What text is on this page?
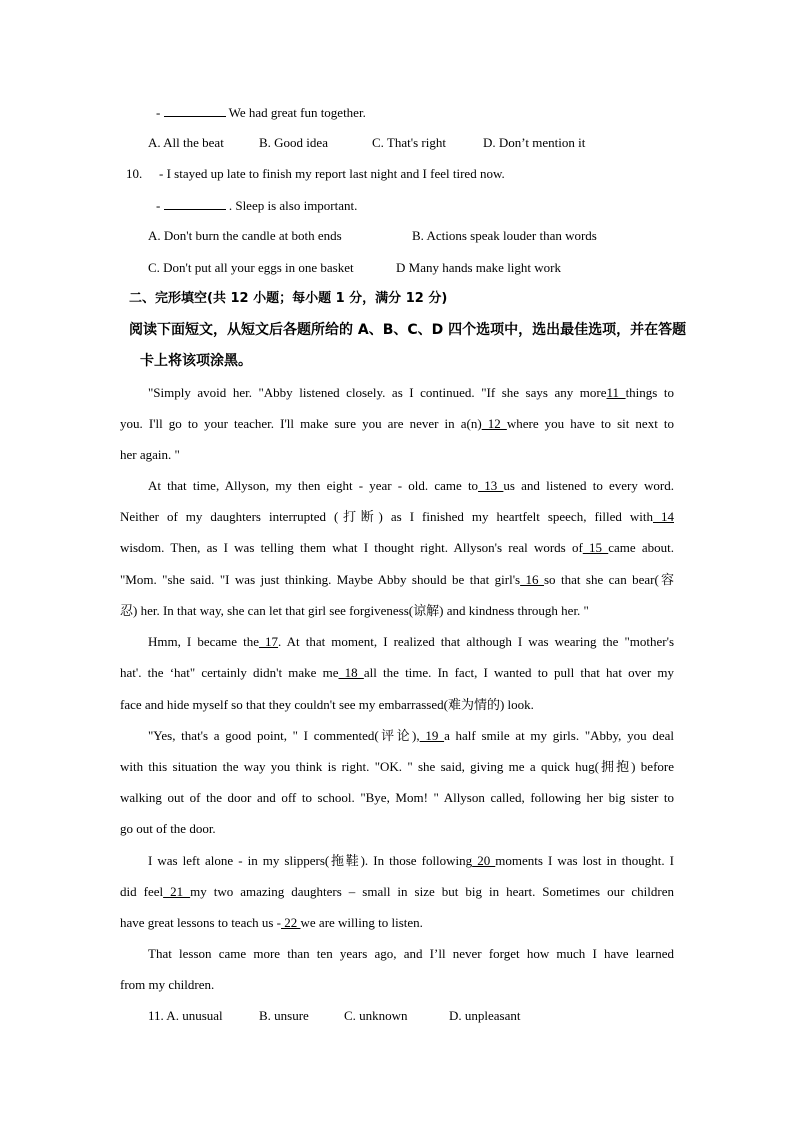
-	We had great fun together.
A. All the beat	B. Good idea	C. That's right	D. Don’t mention it
10. - I stayed up late to finish my report last night and I feel tired now.
-	. Sleep is also important.
A. Don't burn the candle at both ends	B. Actions speak louder than words
C. Don't put all your eggs in one basket	D Many hands make light work
二、完形填空(共 12 小题；每小题 1 分，满分 12 分)
阅读下面短文，从短文后各题所给的 A、B、C、D 四个选项中，选出最佳选项，并在答题
卡上将该项涂黑。
"Simply avoid her. "Abby listened closely. as I continued. "If she says any more11 things to
you. I'll go to your teacher. I'll make sure you are never in a(n) 12 where you have to sit next to
her again. "
At that time, Allyson, my then eight - year - old. came to 13 us and listened to every word.
Neither of my daughters interrupted (打断) as I finished my heartfelt speech, filled with 14
wisdom. Then, as I was telling them what I thought right. Allyson's real words of 15 came about.
"Mom. "she said. "I was just thinking. Maybe Abby should be that girl's 16 so that she can bear(容
忍) her. In that way, she can let that girl see forgiveness(谅解) and kindness through her. "
Hmm, I became the 17. At that moment, I realized that although I was wearing the "mother's
hat'. the ‘hat" certainly didn't make me 18 all the time. In fact, I wanted to pull that hat over my
face and hide myself so that they couldn't see my embarrassed(难为情的) look.
"Yes, that's a good point, " I commented(评论), 19 a half smile at my girls. "Abby, you deal
with this situation the way you think is right. "OK. " she said, giving me a quick hug(拥抱) before
walking out of the door and off to school. "Bye, Mom! " Allyson called, following her big sister to
go out of the door.
I was left alone - in my slippers(拖鞋). In those following 20 moments I was lost in thought. I
did feel 21 my two amazing daughters – small in size but big in heart. Sometimes our children
have great lessons to teach us - 22 we are willing to listen.
That lesson came more than ten years ago, and I’ll never forget how much I have learned
from my children.
11. A. unusual	B. unsure	C. unknown	D. unpleasant
